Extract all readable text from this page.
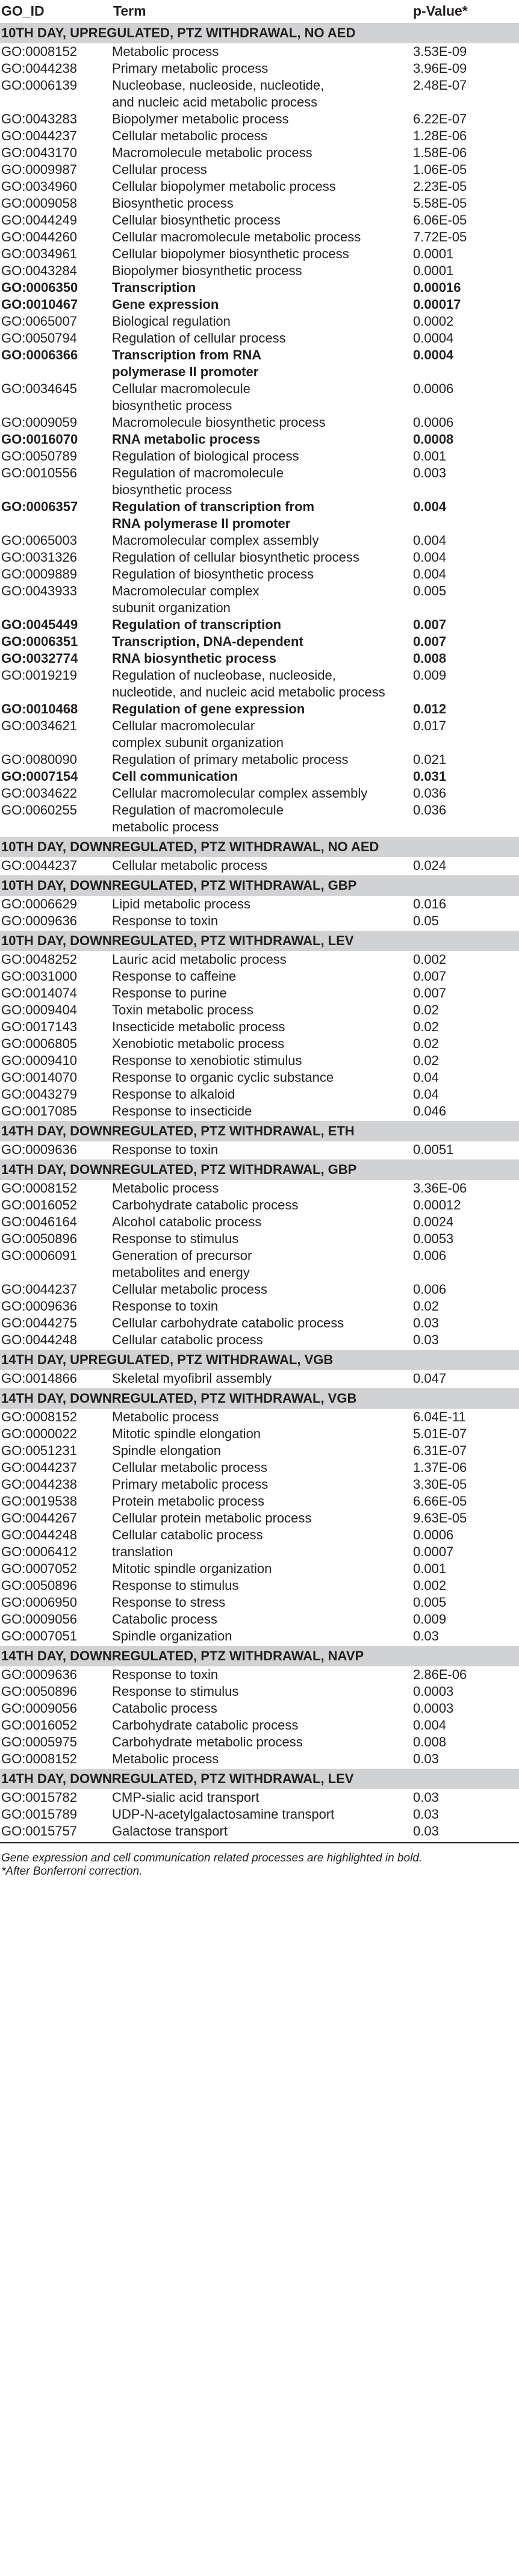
GO_ID	Term	p-Value*
10TH DAY, UPREGULATED, PTZ WITHDRAWAL, NO AED		
GO:0008152	Metabolic process	3.53E-09
GO:0044238	Primary metabolic process	3.96E-09
GO:0006139	Nucleobase, nucleoside, nucleotide,
and nucleic acid metabolic process	2.48E-07
GO:0043283	Biopolymer metabolic process	6.22E-07
GO:0044237	Cellular metabolic process	1.28E-06
GO:0043170	Macromolecule metabolic process	1.58E-06
GO:0009987	Cellular process	1.06E-05
GO:0034960	Cellular biopolymer metabolic process	2.23E-05
GO:0009058	Biosynthetic process	5.58E-05
GO:0044249	Cellular biosynthetic process	6.06E-05
GO:0044260	Cellular macromolecule metabolic process	7.72E-05
GO:0034961	Cellular biopolymer biosynthetic process	0.0001
GO:0043284	Biopolymer biosynthetic process	0.0001
GO:0006350	Transcription	0.00016
GO:0010467	Gene expression	0.00017
GO:0065007	Biological regulation	0.0002
GO:0050794	Regulation of cellular process	0.0004
GO:0006366	Transcription from RNA
polymerase II promoter	0.0004
GO:0034645	Cellular macromolecule
biosynthetic process	0.0006
GO:0009059	Macromolecule biosynthetic process	0.0006
GO:0016070	RNA metabolic process	0.0008
GO:0050789	Regulation of biological process	0.001
GO:0010556	Regulation of macromolecule
biosynthetic process	0.003
GO:0006357	Regulation of transcription from
RNA polymerase II promoter	0.004
GO:0065003	Macromolecular complex assembly	0.004
GO:0031326	Regulation of cellular biosynthetic process	0.004
GO:0009889	Regulation of biosynthetic process	0.004
GO:0043933	Macromolecular complex
subunit organization	0.005
GO:0045449	Regulation of transcription	0.007
GO:0006351	Transcription, DNA-dependent	0.007
GO:0032774	RNA biosynthetic process	0.008
GO:0019219	Regulation of nucleobase, nucleoside,
nucleotide, and nucleic acid metabolic process	0.009
GO:0010468	Regulation of gene expression	0.012
GO:0034621	Cellular macromolecular
complex subunit organization	0.017
GO:0080090	Regulation of primary metabolic process	0.021
GO:0007154	Cell communication	0.031
GO:0034622	Cellular macromolecular complex assembly	0.036
GO:0060255	Regulation of macromolecule
metabolic process	0.036
10TH DAY, DOWNREGULATED, PTZ WITHDRAWAL, NO AED		
GO:0044237	Cellular metabolic process	0.024
10TH DAY, DOWNREGULATED, PTZ WITHDRAWAL, GBP		
GO:0006629	Lipid metabolic process	0.016
GO:0009636	Response to toxin	0.05
10TH DAY, DOWNREGULATED, PTZ WITHDRAWAL, LEV		
GO:0048252	Lauric acid metabolic process	0.002
GO:0031000	Response to caffeine	0.007
GO:0014074	Response to purine	0.007
GO:0009404	Toxin metabolic process	0.02
GO:0017143	Insecticide metabolic process	0.02
GO:0006805	Xenobiotic metabolic process	0.02
GO:0009410	Response to xenobiotic stimulus	0.02
GO:0014070	Response to organic cyclic substance	0.04
GO:0043279	Response to alkaloid	0.04
GO:0017085	Response to insecticide	0.046
14TH DAY, DOWNREGULATED, PTZ WITHDRAWAL, ETH		
GO:0009636	Response to toxin	0.0051
14TH DAY, DOWNREGULATED, PTZ WITHDRAWAL, GBP		
GO:0008152	Metabolic process	3.36E-06
GO:0016052	Carbohydrate catabolic process	0.00012
GO:0046164	Alcohol catabolic process	0.0024
GO:0050896	Response to stimulus	0.0053
GO:0006091	Generation of precursor
metabolites and energy	0.006
GO:0044237	Cellular metabolic process	0.006
GO:0009636	Response to toxin	0.02
GO:0044275	Cellular carbohydrate catabolic process	0.03
GO:0044248	Cellular catabolic process	0.03
14TH DAY, UPREGULATED, PTZ WITHDRAWAL, VGB		
GO:0014866	Skeletal myofibril assembly	0.047
14TH DAY, DOWNREGULATED, PTZ WITHDRAWAL, VGB		
GO:0008152	Metabolic process	6.04E-11
GO:0000022	Mitotic spindle elongation	5.01E-07
GO:0051231	Spindle elongation	6.31E-07
GO:0044237	Cellular metabolic process	1.37E-06
GO:0044238	Primary metabolic process	3.30E-05
GO:0019538	Protein metabolic process	6.66E-05
GO:0044267	Cellular protein metabolic process	9.63E-05
GO:0044248	Cellular catabolic process	0.0006
GO:0006412	translation	0.0007
GO:0007052	Mitotic spindle organization	0.001
GO:0050896	Response to stimulus	0.002
GO:0006950	Response to stress	0.005
GO:0009056	Catabolic process	0.009
GO:0007051	Spindle organization	0.03
14TH DAY, DOWNREGULATED, PTZ WITHDRAWAL, NAVP		
GO:0009636	Response to toxin	2.86E-06
GO:0050896	Response to stimulus	0.0003
GO:0009056	Catabolic process	0.0003
GO:0016052	Carbohydrate catabolic process	0.004
GO:0005975	Carbohydrate metabolic process	0.008
GO:0008152	Metabolic process	0.03
14TH DAY, DOWNREGULATED, PTZ WITHDRAWAL, LEV		
GO:0015782	CMP-sialic acid transport	0.03
GO:0015789	UDP-N-acetylgalactosamine transport	0.03
GO:0015757	Galactose transport	0.03

Gene expression and cell communication related processes are highlighted in bold.
*After Bonferroni correction.
